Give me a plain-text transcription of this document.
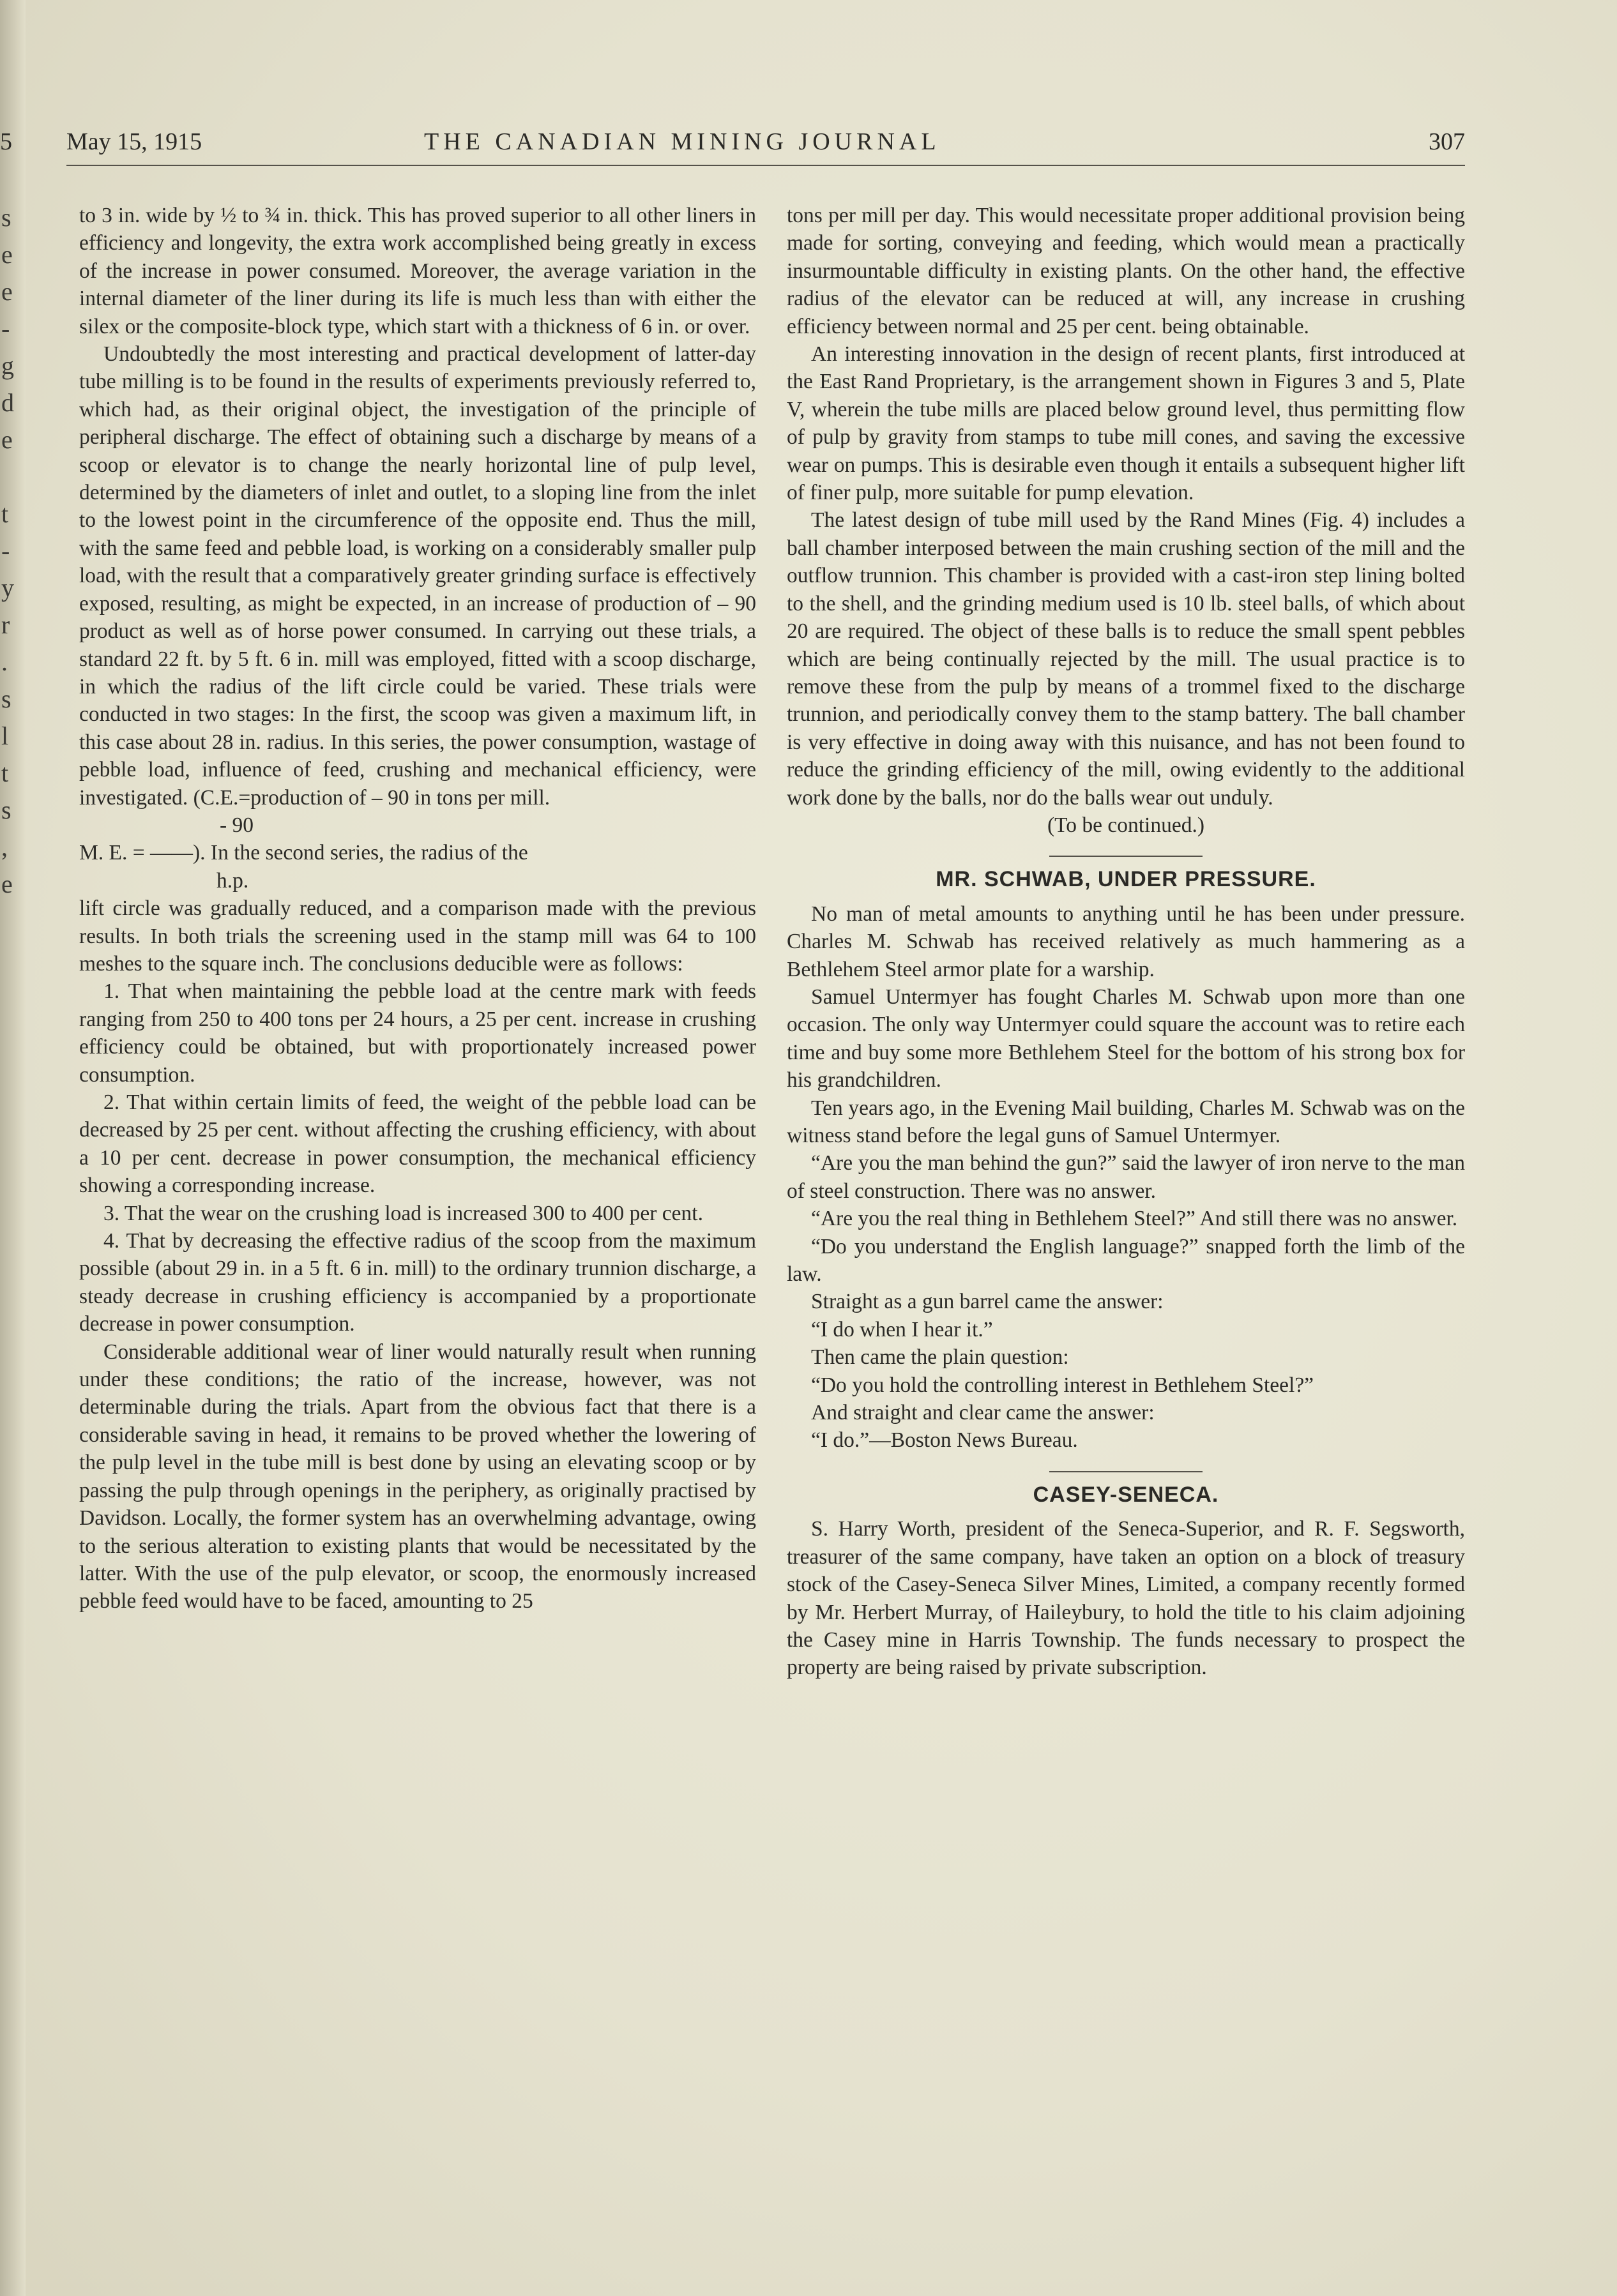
s
e
e
-
g
d
e
t
-
y
r
.
s
l
t
s
,
e
5 May 15, 1915	THE CANADIAN MINING JOURNAL	307

to 3 in. wide by ½ to ¾ in. thick. This has proved superior to all other liners in efficiency and longevity, the extra work accomplished being greatly in excess of the increase in power consumed. Moreover, the average variation in the internal diameter of the liner during its life is much less than with either the silex or the composite-block type, which start with a thickness of 6 in. or over.

Undoubtedly the most interesting and practical development of latter-day tube milling is to be found in the results of experiments previously referred to, which had, as their original object, the investigation of the principle of peripheral discharge. The effect of obtaining such a discharge by means of a scoop or elevator is to change the nearly horizontal line of pulp level, determined by the diameters of inlet and outlet, to a sloping line from the inlet to the lowest point in the circumference of the opposite end. Thus the mill, with the same feed and pebble load, is working on a considerably smaller pulp load, with the result that a comparatively greater grinding surface is effectively exposed, resulting, as might be expected, in an increase of production of – 90 product as well as of horse power consumed. In carrying out these trials, a standard 22 ft. by 5 ft. 6 in. mill was employed, fitted with a scoop discharge, in which the radius of the lift circle could be varied. These trials were conducted in two stages: In the first, the scoop was given a maximum lift, in this case about 28 in. radius. In this series, the power consumption, wastage of pebble load, influence of feed, crushing and mechanical efficiency, were investigated. (C.E.=production of – 90 in tons per mill.

- 90

M. E. = ——). In the second series, the radius of the

h.p.

lift circle was gradually reduced, and a comparison made with the previous results. In both trials the screening used in the stamp mill was 64 to 100 meshes to the square inch. The conclusions deducible were as follows:

1. That when maintaining the pebble load at the centre mark with feeds ranging from 250 to 400 tons per 24 hours, a 25 per cent. increase in crushing efficiency could be obtained, but with proportionately increased power consumption.

2. That within certain limits of feed, the weight of the pebble load can be decreased by 25 per cent. without affecting the crushing efficiency, with about a 10 per cent. decrease in power consumption, the mechanical efficiency showing a corresponding increase.

3. That the wear on the crushing load is increased 300 to 400 per cent.

4. That by decreasing the effective radius of the scoop from the maximum possible (about 29 in. in a 5 ft. 6 in. mill) to the ordinary trunnion discharge, a steady decrease in crushing efficiency is accompanied by a proportionate decrease in power consumption.

Considerable additional wear of liner would naturally result when running under these conditions; the ratio of the increase, however, was not determinable during the trials. Apart from the obvious fact that there is a considerable saving in head, it remains to be proved whether the lowering of the pulp level in the tube mill is best done by using an elevating scoop or by passing the pulp through openings in the periphery, as originally practised by Davidson. Locally, the former system has an overwhelming advantage, owing to the serious alteration to existing plants that would be necessitated by the latter. With the use of the pulp elevator, or scoop, the enormously increased pebble feed would have to be faced, amounting to 25

tons per mill per day. This would necessitate proper additional provision being made for sorting, conveying and feeding, which would mean a practically insurmountable difficulty in existing plants. On the other hand, the effective radius of the elevator can be reduced at will, any increase in crushing efficiency between normal and 25 per cent. being obtainable.

An interesting innovation in the design of recent plants, first introduced at the East Rand Proprietary, is the arrangement shown in Figures 3 and 5, Plate V, wherein the tube mills are placed below ground level, thus permitting flow of pulp by gravity from stamps to tube mill cones, and saving the excessive wear on pumps. This is desirable even though it entails a subsequent higher lift of finer pulp, more suitable for pump elevation.

The latest design of tube mill used by the Rand Mines (Fig. 4) includes a ball chamber interposed between the main crushing section of the mill and the outflow trunnion. This chamber is provided with a cast-iron step lining bolted to the shell, and the grinding medium used is 10 lb. steel balls, of which about 20 are required. The object of these balls is to reduce the small spent pebbles which are being continually rejected by the mill. The usual practice is to remove these from the pulp by means of a trommel fixed to the discharge trunnion, and periodically convey them to the stamp battery. The ball chamber is very effective in doing away with this nuisance, and has not been found to reduce the grinding efficiency of the mill, owing evidently to the additional work done by the balls, nor do the balls wear out unduly.

(To be continued.)

MR. SCHWAB, UNDER PRESSURE.

No man of metal amounts to anything until he has been under pressure. Charles M. Schwab has received relatively as much hammering as a Bethlehem Steel armor plate for a warship.

Samuel Untermyer has fought Charles M. Schwab upon more than one occasion. The only way Untermyer could square the account was to retire each time and buy some more Bethlehem Steel for the bottom of his strong box for his grandchildren.

Ten years ago, in the Evening Mail building, Charles M. Schwab was on the witness stand before the legal guns of Samuel Untermyer.

“Are you the man behind the gun?” said the lawyer of iron nerve to the man of steel construction. There was no answer.

“Are you the real thing in Bethlehem Steel?” And still there was no answer.

“Do you understand the English language?” snapped forth the limb of the law.

Straight as a gun barrel came the answer:

“I do when I hear it.”

Then came the plain question:

“Do you hold the controlling interest in Bethlehem Steel?”

And straight and clear came the answer:

“I do.”—Boston News Bureau.

CASEY-SENECA.

S. Harry Worth, president of the Seneca-Superior, and R. F. Segsworth, treasurer of the same company, have taken an option on a block of treasury stock of the Casey-Seneca Silver Mines, Limited, a company recently formed by Mr. Herbert Murray, of Haileybury, to hold the title to his claim adjoining the Casey mine in Harris Township. The funds necessary to prospect the property are being raised by private subscription.
